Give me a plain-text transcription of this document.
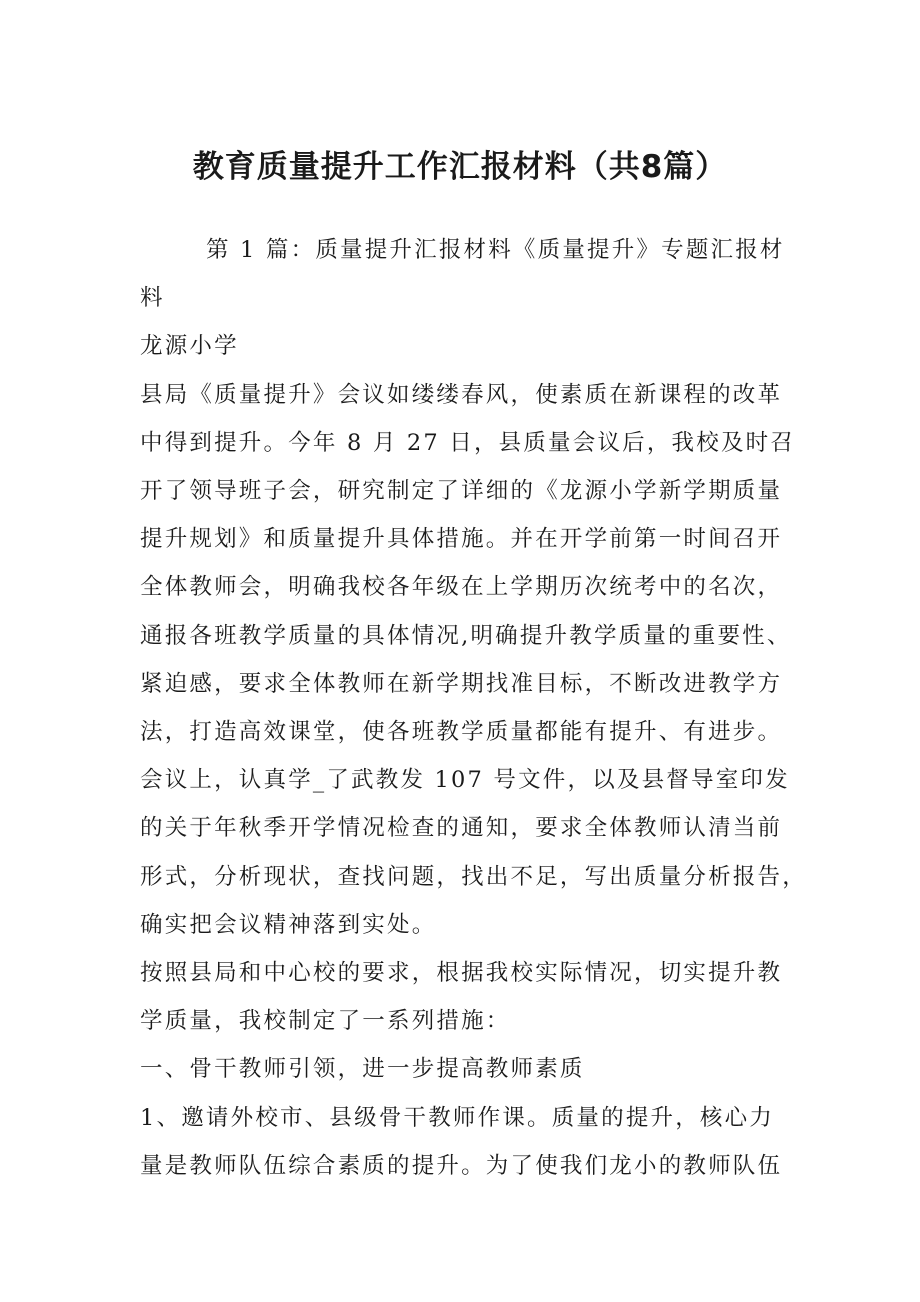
教育质量提升工作汇报材料（共8篇）

第 1 篇：质量提升汇报材料《质量提升》专题汇报材

料

龙源小学

县局《质量提升》会议如缕缕春风，使素质在新课程的改革

中得到提升。今年 8 月 27 日，县质量会议后，我校及时召

开了领导班子会，研究制定了详细的《龙源小学新学期质量

提升规划》和质量提升具体措施。并在开学前第一时间召开

全体教师会，明确我校各年级在上学期历次统考中的名次，

通报各班教学质量的具体情况,明确提升教学质量的重要性、

紧迫感，要求全体教师在新学期找准目标，不断改进教学方

法，打造高效课堂，使各班教学质量都能有提升、有进步。

会议上，认真学_了武教发 107 号文件，以及县督导室印发

的关于年秋季开学情况检查的通知，要求全体教师认清当前

形式，分析现状，查找问题，找出不足，写出质量分析报告，

确实把会议精神落到实处。

按照县局和中心校的要求，根据我校实际情况，切实提升教

学质量，我校制定了一系列措施：

一、骨干教师引领，进一步提高教师素质

1、邀请外校市、县级骨干教师作课。质量的提升，核心力

量是教师队伍综合素质的提升。为了使我们龙小的教师队伍
